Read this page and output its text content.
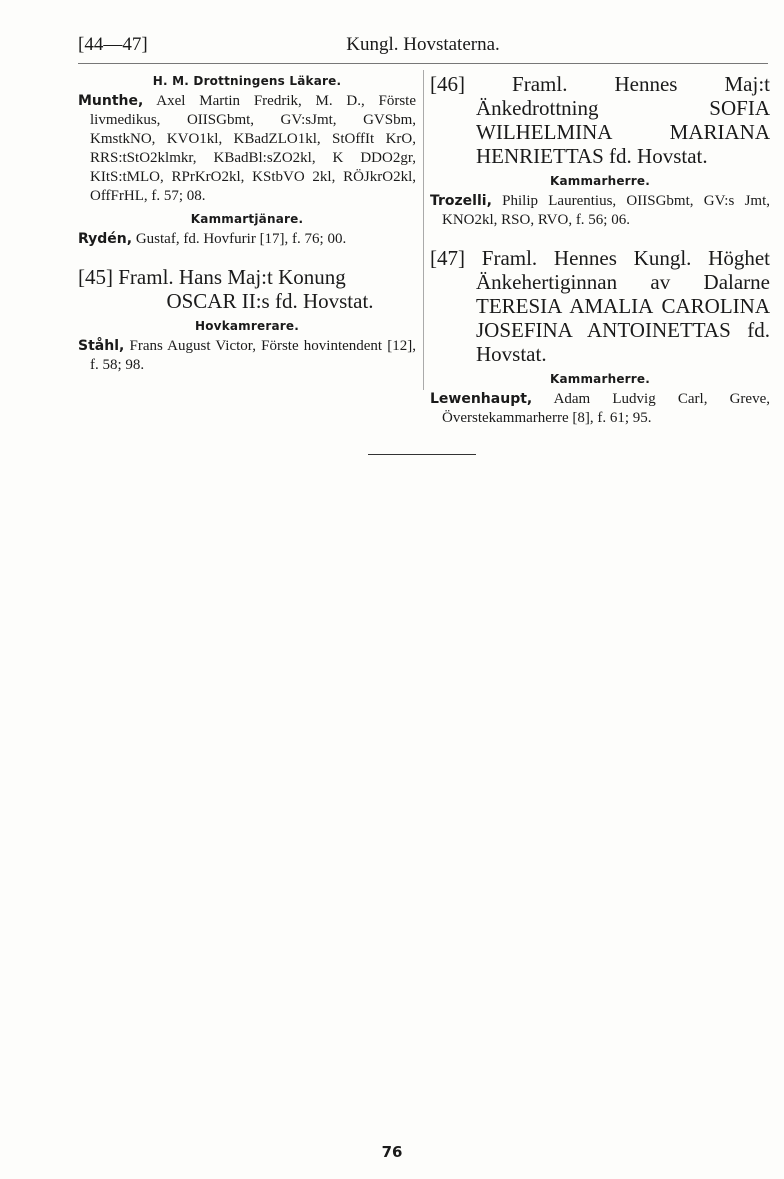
[44—47]	Kungl. Hovstaterna.
H. M. Drottningens Läkare.

Munthe, Axel Martin Fredrik, M. D., Förste livmedikus, OIISGbmt, GV:sJmt, GVSbm, KmstkNO, KVO1kl, KBadZLO1kl, StOffIt KrO, RRS:tStO2klmkr, KBadBl:sZO2kl, K DDO2gr, KItS:tMLO, RPrKrO2kl, KStbVO 2kl, RÖJkrO2kl, OffFrHL, f. 57; 08.

Kammartjänare.

Rydén, Gustaf, fd. Hovfurir [17], f. 76; 00.

[45] Framl. Hans Maj:t Konung
OSCAR II:s fd. Hovstat.
Hovkamrerare.

Ståhl, Frans August Victor, Förste hovintendent [12], f. 58; 98.

[46] Framl. Hennes Maj:t Änkedrottning SOFIA WILHELMINA MARIANA HENRIETTAS fd. Hovstat.
Kammarherre.

Trozelli, Philip Laurentius, OIISGbmt, GV:s Jmt, KNO2kl, RSO, RVO, f. 56; 06.

[47] Framl. Hennes Kungl. Höghet Änkehertiginnan av Dalarne TERESIA AMALIA CAROLINA JOSEFINA ANTOINETTAS fd. Hovstat.
Kammarherre.

Lewenhaupt, Adam Ludvig Carl, Greve, Överstekammarherre [8], f. 61; 95.

76
